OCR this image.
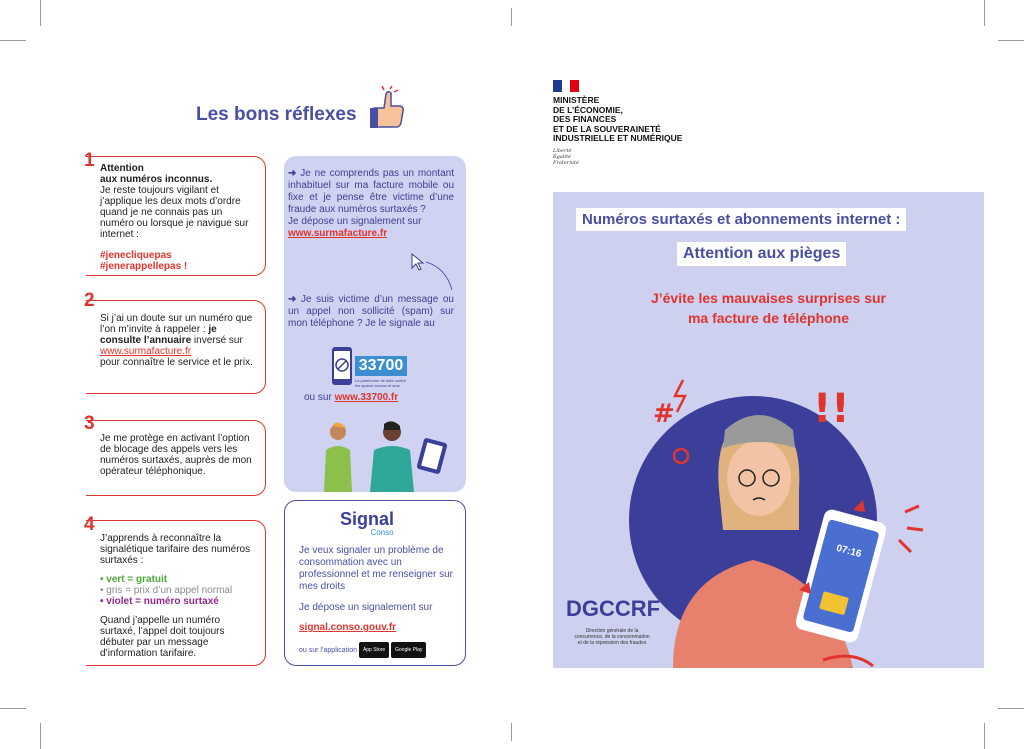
Les bons réflexes
1 Attention
aux numéros inconnus.
Je reste toujours vigilant et j’applique les deux mots d’ordre quand je ne connais pas un numéro ou lorsque je navigue sur internet :
#jenecliquepas
#jenerappellepas !
2
Si j’ai un doute sur un numéro que l’on m’invite à rappeler : je consulte l’annuaire inversé sur
www.surmafacture.fr
pour connaître le service et le prix.
3
Je me protège en activant l’option de blocage des appels vers les numéros surtaxés, auprès de mon opérateur téléphonique.
4
J’apprends à reconnaître la signalétique tarifaire des numéros surtaxés :
• vert = gratuit
• gris = prix d’un appel normal
• violet = numéro surtaxé
Quand j’appelle un numéro surtaxé, l’appel doit toujours débuter par un message d’information tarifaire.
➜ Je ne comprends pas un montant inhabituel sur ma facture mobile ou fixe et je pense être victime d’une fraude aux numéros surtaxés ?
Je dépose un signalement sur
www.surmafacture.fr
➜ Je suis victime d’un message ou un appel non sollicité (spam) sur mon téléphone ? Je le signale au
33700
La plateforme de lutte contre
les spams vocaux et sms
ou sur www.33700.fr
Signal
Conso
Je veux signaler un problème de consommation avec un professionnel et me renseigner sur mes droits
Je dépose un signalement sur
signal.conso.gouv.fr
ou sur l’application App Store Google Play
MINISTÈRE
DE L’ÉCONOMIE,
DES FINANCES
ET DE LA SOUVERAINETÉ
INDUSTRIELLE ET NUMÉRIQUE
Liberté
Égalité
Fraternité
Numéros surtaxés et abonnements internet :
Attention aux pièges
J’évite les mauvaises surprises sur
ma facture de téléphone
#	!!
07:16
DGCCRF
Direction générale de la
concurrence, de la consommation
et de la répression des fraudes
